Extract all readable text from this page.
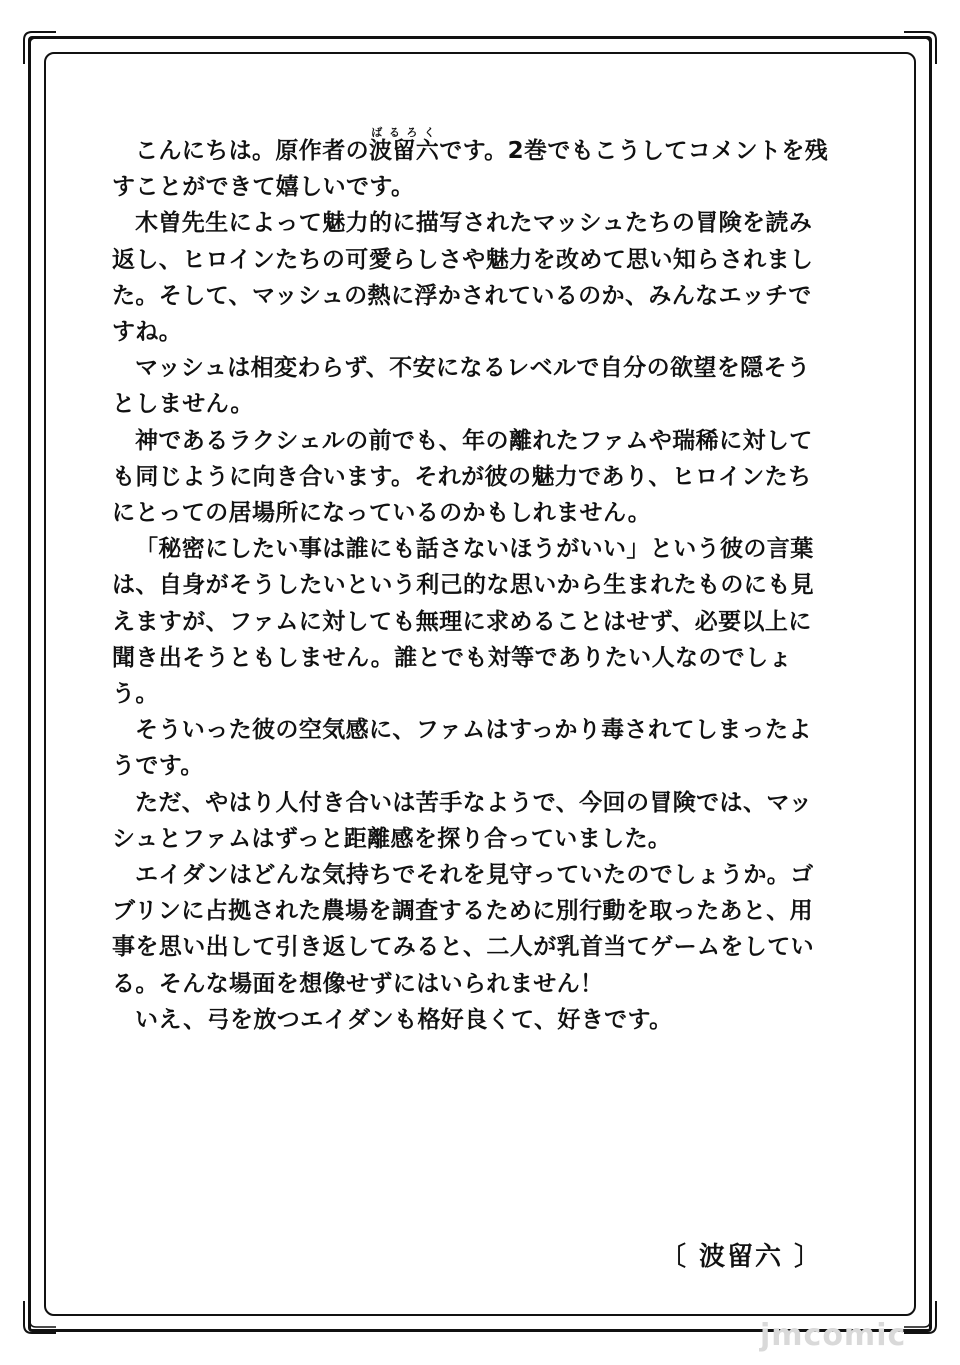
こんにちは。原作者の波留六ばるろくです。2巻でもこうしてコメントを残すことができて嬉しいです。

木曽先生によって魅力的に描写されたマッシュたちの冒険を読み返し、ヒロインたちの可愛らしさや魅力を改めて思い知らされました。そして、マッシュの熱に浮かされているのか、みんなエッチですね。

マッシュは相変わらず、不安になるレベルで自分の欲望を隠そうとしません。

神であるラクシェルの前でも、年の離れたファムや瑞稀に対しても同じように向き合います。それが彼の魅力であり、ヒロインたちにとっての居場所になっているのかもしれません。

「秘密にしたい事は誰にも話さないほうがいい」という彼の言葉は、自身がそうしたいという利己的な思いから生まれたものにも見えますが、ファムに対しても無理に求めることはせず、必要以上に聞き出そうともしません。誰とでも対等でありたい人なのでしょう。

そういった彼の空気感に、ファムはすっかり毒されてしまったようです。

ただ、やはり人付き合いは苦手なようで、今回の冒険では、マッシュとファムはずっと距離感を探り合っていました。

エイダンはどんな気持ちでそれを見守っていたのでしょうか。ゴブリンに占拠された農場を調査するために別行動を取ったあと、用事を思い出して引き返してみると、二人が乳首当てゲームをしている。そんな場面を想像せずにはいられません！

いえ、弓を放つエイダンも格好良くて、好きです。

〔 波留六 〕
jmcomic
